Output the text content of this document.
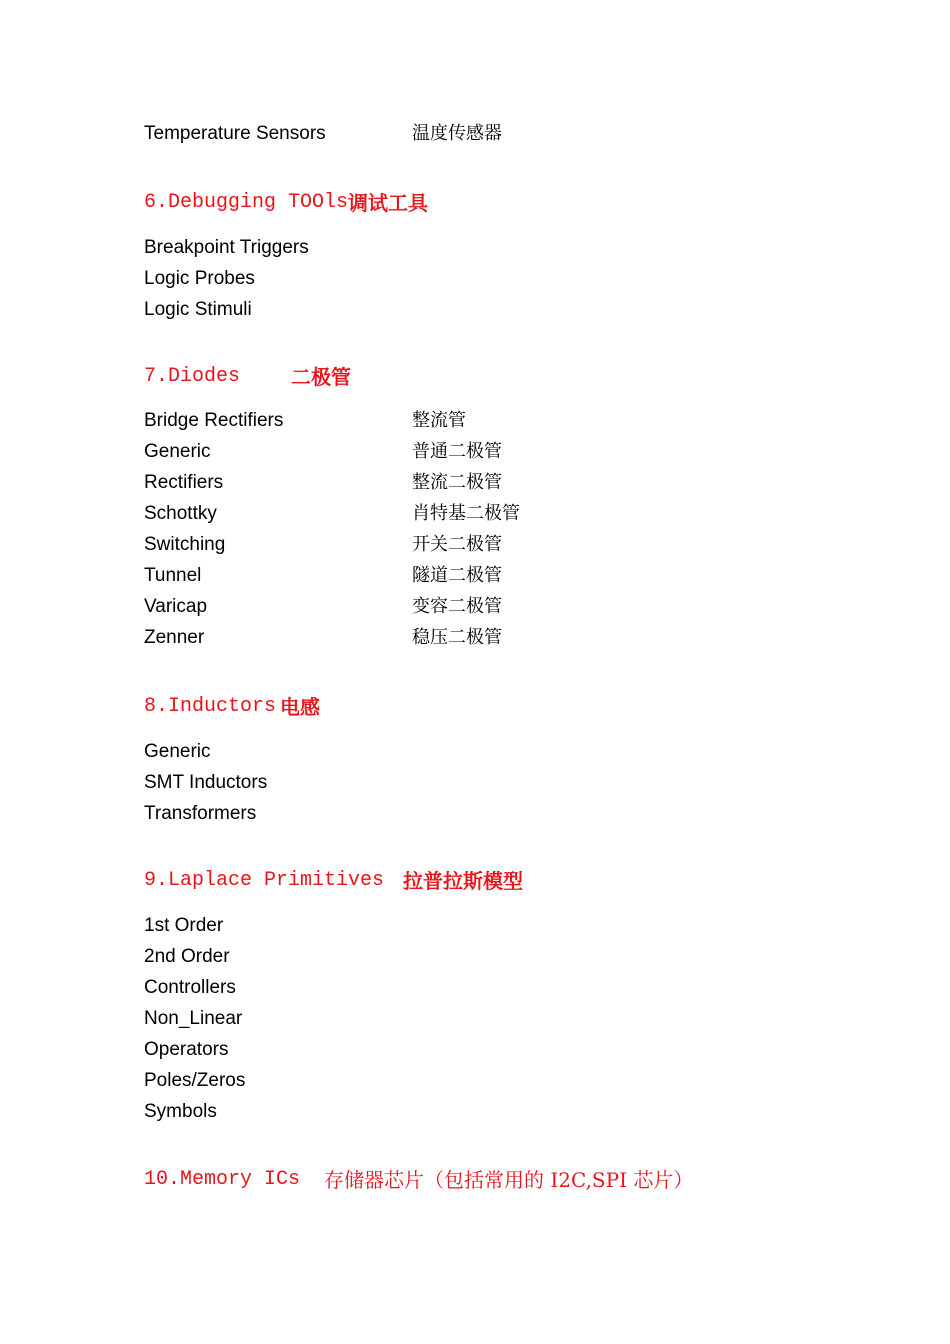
Temperature Sensors	温度传感器
6.Debugging TOOls 调试工具
Breakpoint Triggers
Logic Probes
Logic Stimuli
7.Diodes	二极管
Bridge Rectifiers	整流管
Generic	普通二极管
Rectifiers	整流二极管
Schottky	肖特基二极管
Switching	开关二极管
Tunnel	隧道二极管
Varicap	变容二极管
Zenner	稳压二极管
8.Inductors 电感
Generic
SMT Inductors
Transformers
9.Laplace Primitives 拉普拉斯模型
1st Order
2nd Order
Controllers
Non_Linear
Operators
Poles/Zeros
Symbols
10.Memory ICs 存储器芯片（包括常用的 I2C,SPI 芯片）
